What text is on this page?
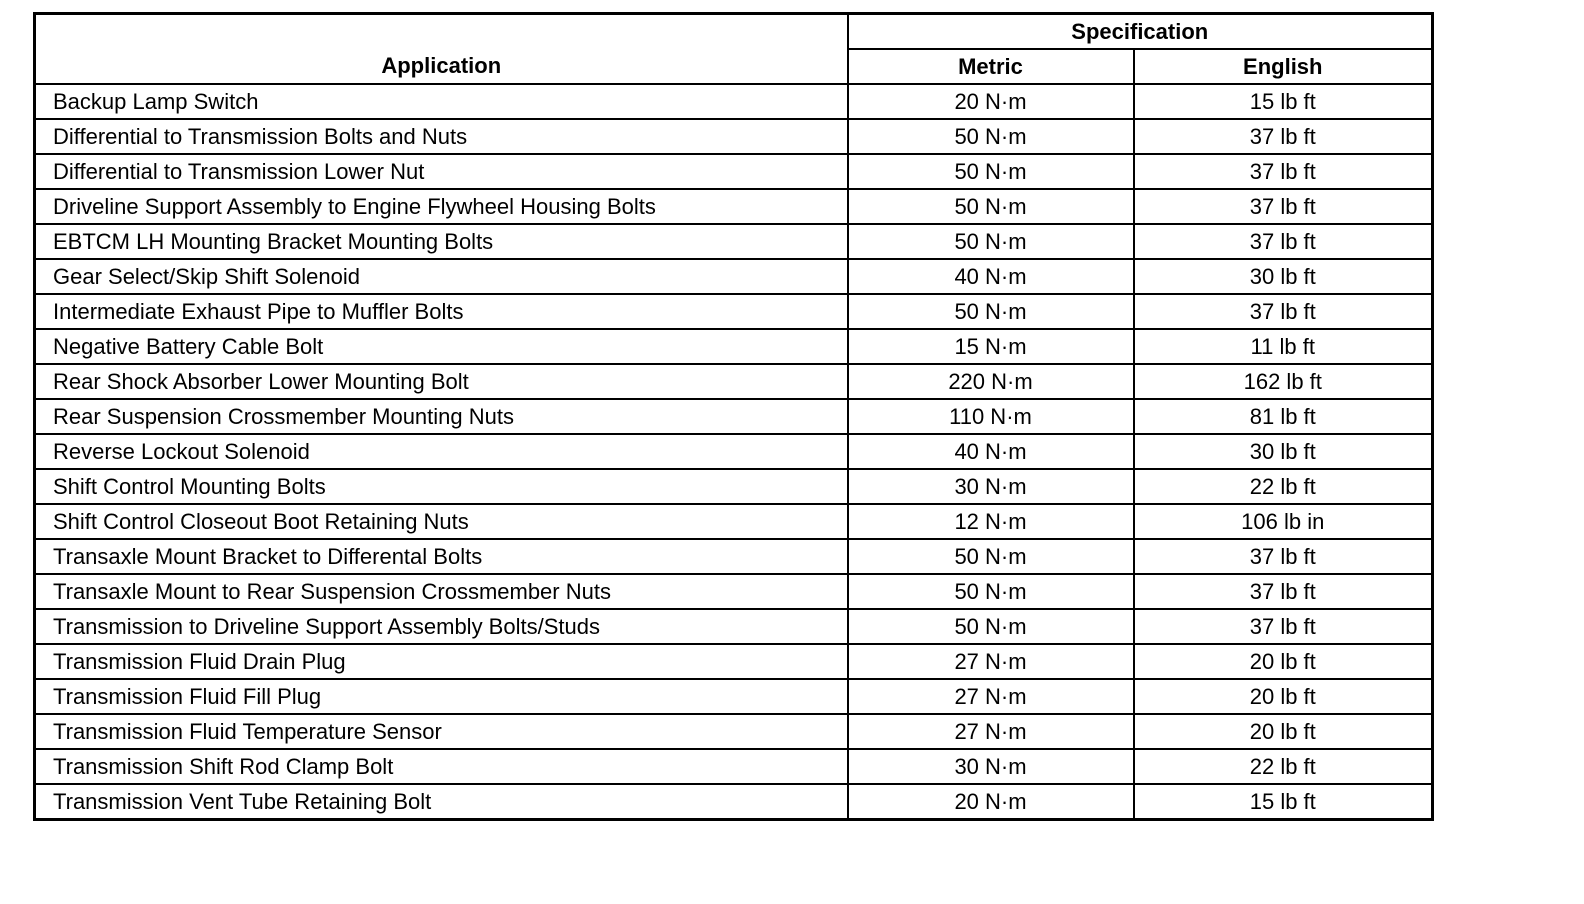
Application	Specification	
	Metric	English
Backup Lamp Switch	20 N·m	15 lb ft
Differential to Transmission Bolts and Nuts	50 N·m	37 lb ft
Differential to Transmission Lower Nut	50 N·m	37 lb ft
Driveline Support Assembly to Engine Flywheel Housing Bolts	50 N·m	37 lb ft
EBTCM LH Mounting Bracket Mounting Bolts	50 N·m	37 lb ft
Gear Select/Skip Shift Solenoid	40 N·m	30 lb ft
Intermediate Exhaust Pipe to Muffler Bolts	50 N·m	37 lb ft
Negative Battery Cable Bolt	15 N·m	11 lb ft
Rear Shock Absorber Lower Mounting Bolt	220 N·m	162 lb ft
Rear Suspension Crossmember Mounting Nuts	110 N·m	81 lb ft
Reverse Lockout Solenoid	40 N·m	30 lb ft
Shift Control Mounting Bolts	30 N·m	22 lb ft
Shift Control Closeout Boot Retaining Nuts	12 N·m	106 lb in
Transaxle Mount Bracket to Differental Bolts	50 N·m	37 lb ft
Transaxle Mount to Rear Suspension Crossmember Nuts	50 N·m	37 lb ft
Transmission to Driveline Support Assembly Bolts/Studs	50 N·m	37 lb ft
Transmission Fluid Drain Plug	27 N·m	20 lb ft
Transmission Fluid Fill Plug	27 N·m	20 lb ft
Transmission Fluid Temperature Sensor	27 N·m	20 lb ft
Transmission Shift Rod Clamp Bolt	30 N·m	22 lb ft
Transmission Vent Tube Retaining Bolt	20 N·m	15 lb ft
